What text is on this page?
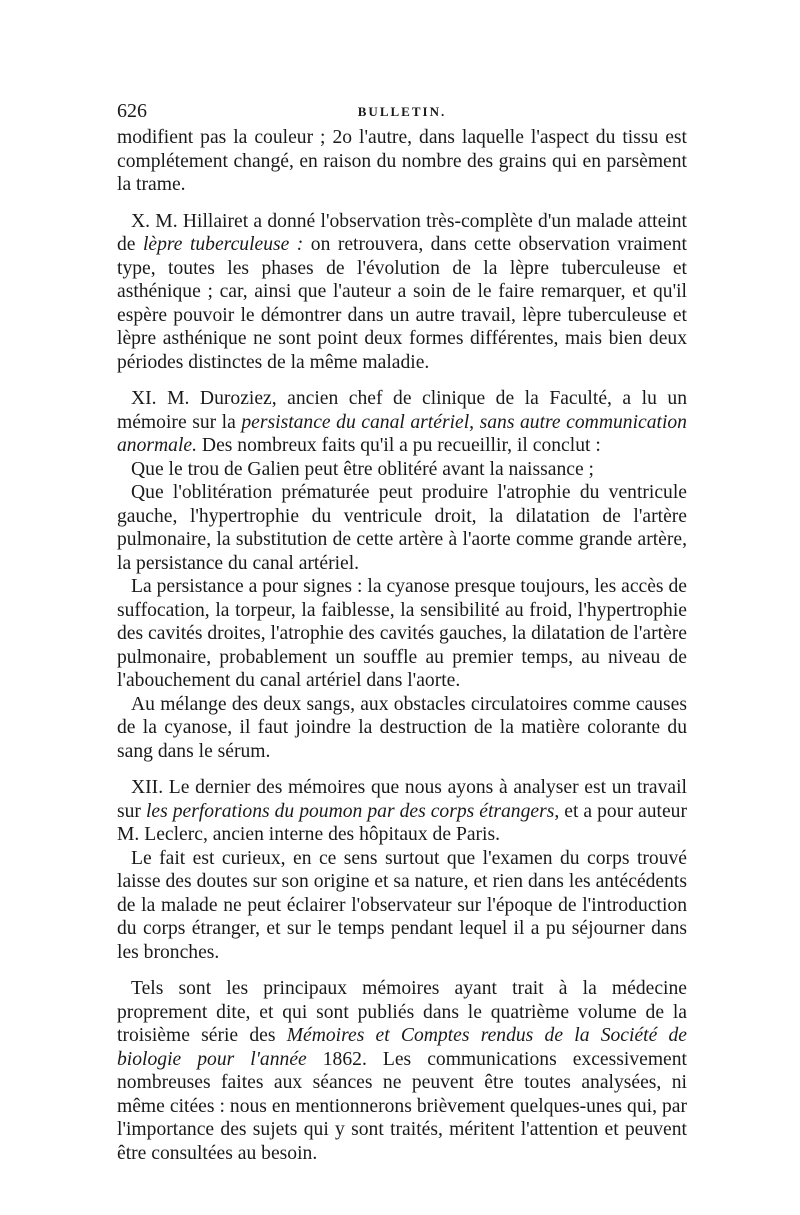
626	BULLETIN.

modifient pas la couleur ; 2o l'autre, dans laquelle l'aspect du tissu est complétement changé, en raison du nombre des grains qui en parsèment la trame.

X. M. Hillairet a donné l'observation très-complète d'un malade atteint de lèpre tuberculeuse : on retrouvera, dans cette observation vraiment type, toutes les phases de l'évolution de la lèpre tuberculeuse et asthénique ; car, ainsi que l'auteur a soin de le faire remarquer, et qu'il espère pouvoir le démontrer dans un autre travail, lèpre tuberculeuse et lèpre asthénique ne sont point deux formes différentes, mais bien deux périodes distinctes de la même maladie.

XI. M. Duroziez, ancien chef de clinique de la Faculté, a lu un mémoire sur la persistance du canal artériel, sans autre communication anormale. Des nombreux faits qu'il a pu recueillir, il conclut :

Que le trou de Galien peut être oblitéré avant la naissance ;

Que l'oblitération prématurée peut produire l'atrophie du ventricule gauche, l'hypertrophie du ventricule droit, la dilatation de l'artère pulmonaire, la substitution de cette artère à l'aorte comme grande artère, la persistance du canal artériel.

La persistance a pour signes : la cyanose presque toujours, les accès de suffocation, la torpeur, la faiblesse, la sensibilité au froid, l'hypertrophie des cavités droites, l'atrophie des cavités gauches, la dilatation de l'artère pulmonaire, probablement un souffle au premier temps, au niveau de l'abouchement du canal artériel dans l'aorte.

Au mélange des deux sangs, aux obstacles circulatoires comme causes de la cyanose, il faut joindre la destruction de la matière colorante du sang dans le sérum.

XII. Le dernier des mémoires que nous ayons à analyser est un travail sur les perforations du poumon par des corps étrangers, et a pour auteur M. Leclerc, ancien interne des hôpitaux de Paris.

Le fait est curieux, en ce sens surtout que l'examen du corps trouvé laisse des doutes sur son origine et sa nature, et rien dans les antécédents de la malade ne peut éclairer l'observateur sur l'époque de l'introduction du corps étranger, et sur le temps pendant lequel il a pu séjourner dans les bronches.

Tels sont les principaux mémoires ayant trait à la médecine proprement dite, et qui sont publiés dans le quatrième volume de la troisième série des Mémoires et Comptes rendus de la Société de biologie pour l'année 1862. Les communications excessivement nombreuses faites aux séances ne peuvent être toutes analysées, ni même citées : nous en mentionnerons brièvement quelques-unes qui, par l'importance des sujets qui y sont traités, méritent l'attention et peuvent être consultées au besoin.
